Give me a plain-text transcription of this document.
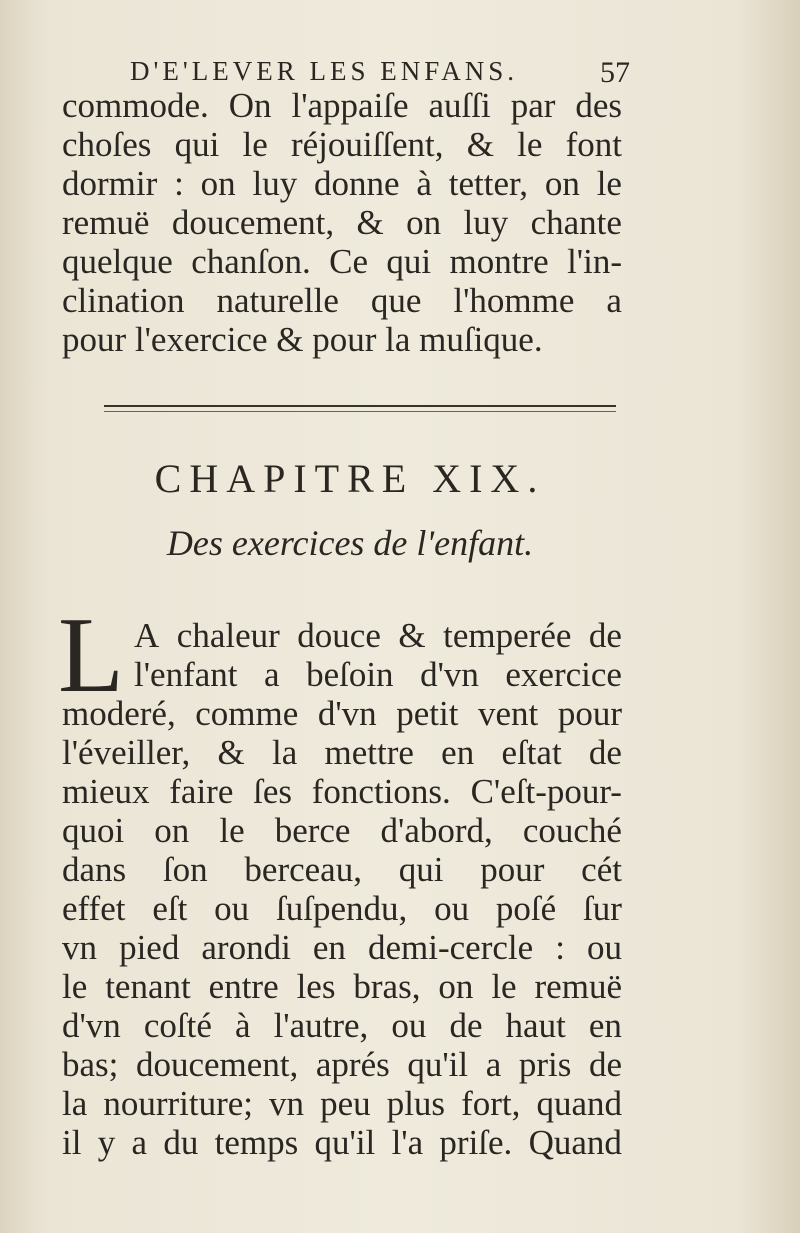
D'E'LEVER LES ENFANS.	57
commode. On l'appaiſe auſſi par des
choſes qui le réjouiſſent, & le font
dormir : on luy donne à tetter, on le
remuë doucement, & on luy chante
quelque chanſon. Ce qui montre l'in-
clination naturelle que l'homme a
pour l'exercice & pour la muſique.
CHAPITRE XIX.
Des exercices de l'enfant.
L A chaleur douce & temperée de
l'enfant a beſoin d'vn exercice
moderé, comme d'vn petit vent pour
l'éveiller, & la mettre en eſtat de
mieux faire ſes fonctions. C'eſt-pour-
quoi on le berce d'abord, couché
dans ſon berceau, qui pour cét
effet eſt ou ſuſpendu, ou poſé ſur
vn pied arondi en demi-cercle : ou
le tenant entre les bras, on le remuë
d'vn coſté à l'autre, ou de haut en
bas; doucement, aprés qu'il a pris de
la nourriture; vn peu plus fort, quand
il y a du temps qu'il l'a priſe. Quand
